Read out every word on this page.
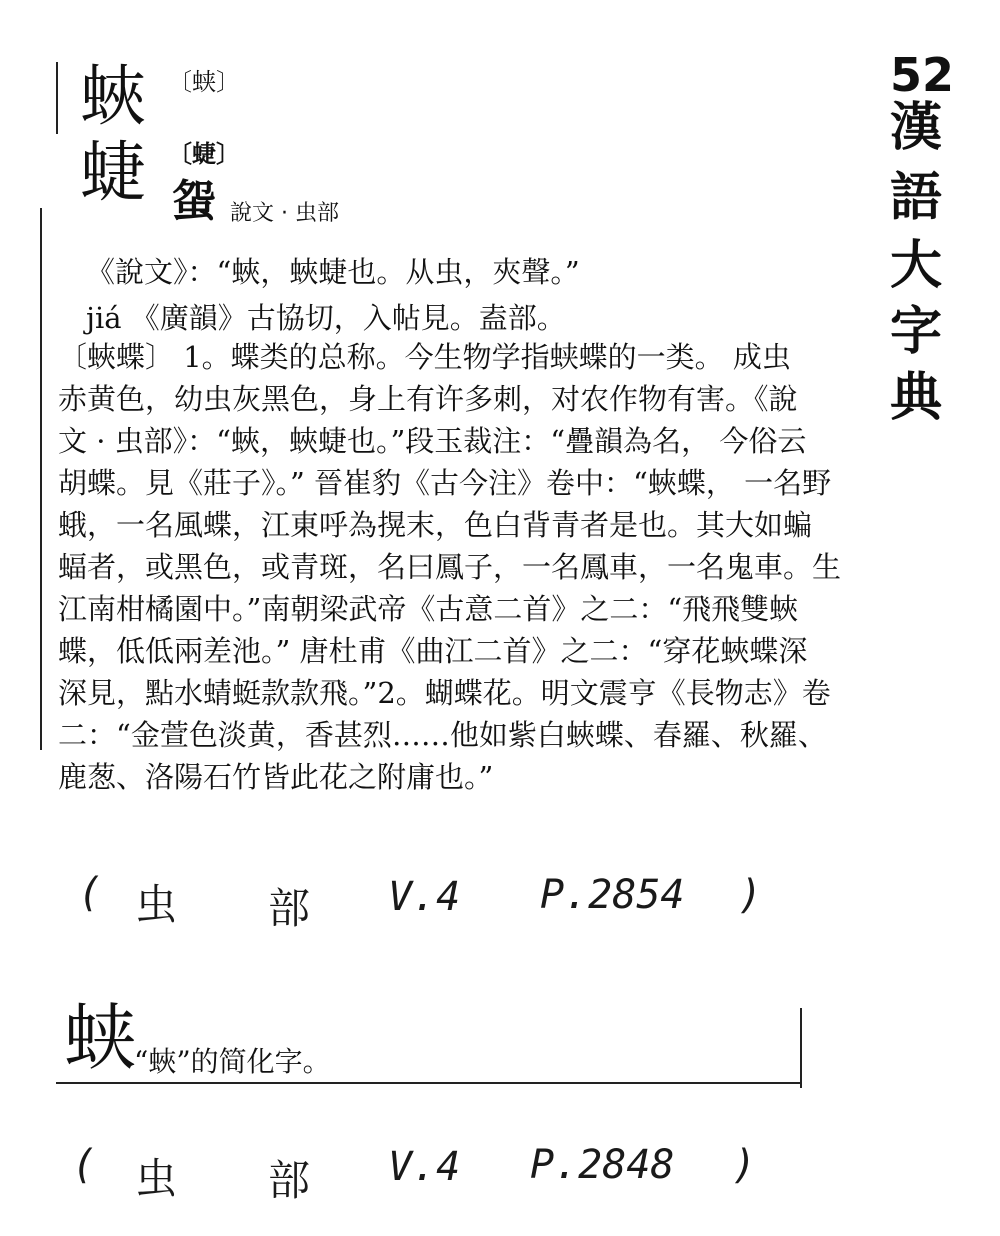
蛺 〔蛱〕
蜨 〔蜨〕
䖤 說文 · 虫部
《說文》：“蛺，蛺蜨也。从虫，夾聲。”
jiá 《廣韻》古協切，入帖見。盍部。
〔蛺蝶〕 1。蝶类的总称。今生物学指蛱蝶的一类。 成虫
赤黄色，幼虫灰黑色，身上有许多刺，对农作物有害。《說
文 · 虫部》：“蛺，蛺蜨也。”段玉裁注：“疊韻為名， 今俗云
胡蝶。見《莊子》。” 晉崔豹《古今注》卷中：“蛺蝶， 一名野
蛾，一名風蝶，江東呼為㨪末，色白背青者是也。其大如蝙
蝠者，或黑色，或青斑，名曰鳳子，一名鳳車，一名鬼車。生
江南柑橘園中。”南朝梁武帝《古意二首》之二：“飛飛雙蛺
蝶，低低兩差池。” 唐杜甫《曲江二首》之二：“穿花蛺蝶深
深見，點水蜻蜓款款飛。”2。蝴蝶花。明文震亨《長物志》卷
二：“金萱色淡黄，香甚烈……他如紫白蛺蝶、春羅、秋羅、
鹿葱、洛陽石竹皆此花之附庸也。”
52
漢
語
大
字
典
( 虫 部 V.4 P.2854 )
蛱
“蛺”的简化字。
( 虫 部 V.4 P.2848 )
